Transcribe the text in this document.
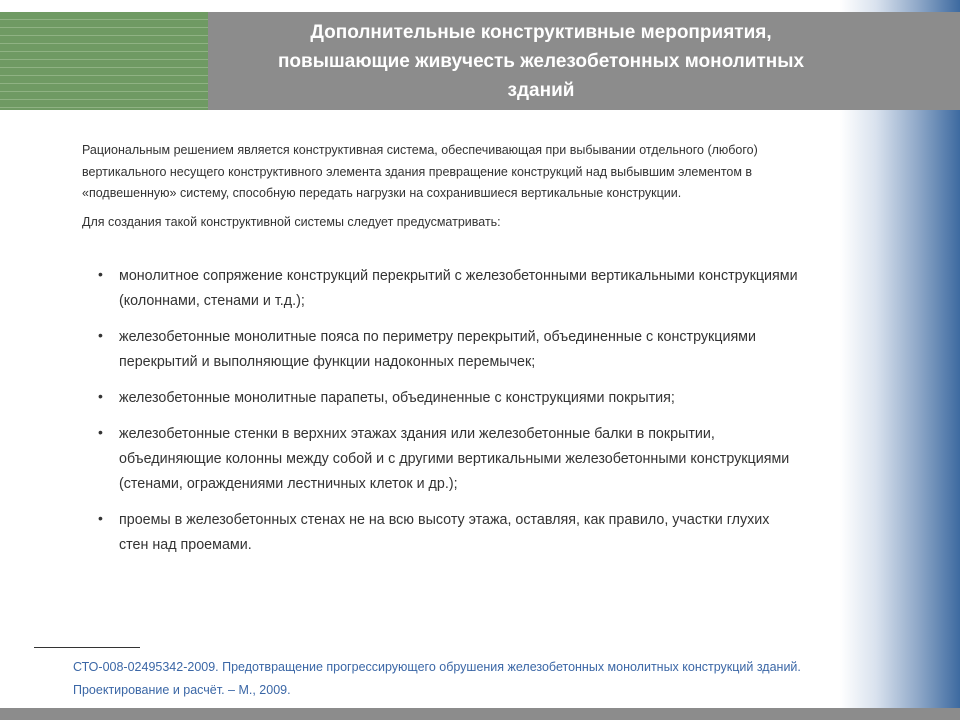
Дополнительные конструктивные мероприятия,
повышающие живучесть железобетонных монолитных
зданий

Рациональным решением является конструктивная система, обеспечивающая при выбывании отдельного (любого) вертикального несущего конструктивного элемента здания превращение конструкций над выбывшим элементом в «подвешенную» систему, способную передать нагрузки на сохранившиеся вертикальные конструкции.

Для создания такой конструктивной системы следует предусматривать:

• монолитное сопряжение конструкций перекрытий с железобетонными вертикальными конструкциями (колоннами, стенами и т.д.);
• железобетонные монолитные пояса по периметру перекрытий, объединенные с конструкциями перекрытий и выполняющие функции надоконных перемычек;
• железобетонные монолитные парапеты, объединенные с конструкциями покрытия;
• железобетонные стенки в верхних этажах здания или железобетонные балки в покрытии, объединяющие колонны между собой и с другими вертикальными железобетонными конструкциями (стенами, ограждениями лестничных клеток и др.);
• проемы в железобетонных стенах не на всю высоту этажа, оставляя, как правило, участки глухих стен над проемами.
СТО-008-02495342-2009. Предотвращение прогрессирующего обрушения железобетонных монолитных конструкций зданий. Проектирование и расчёт. – М., 2009.
